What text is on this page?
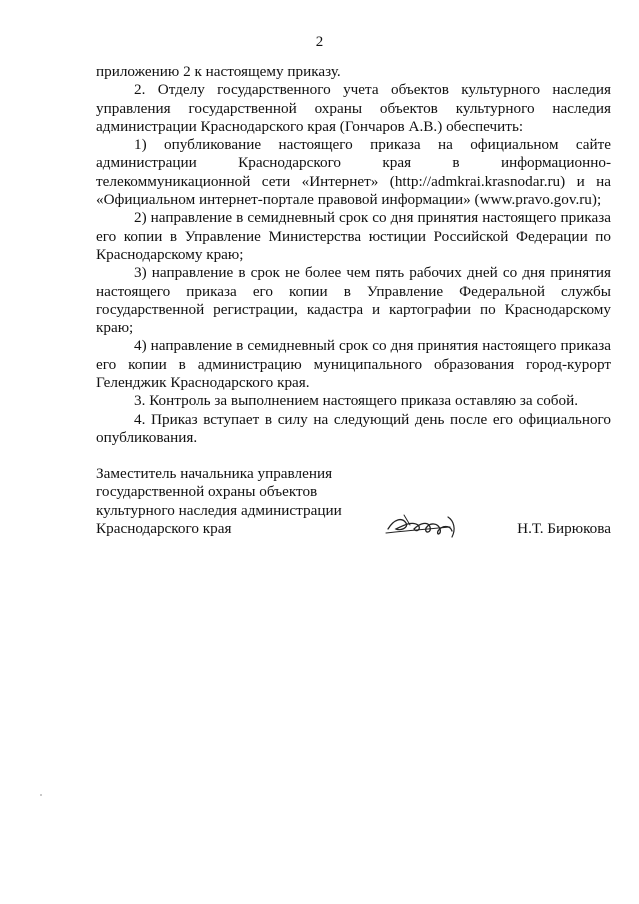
2

приложению 2 к настоящему приказу.

2. Отделу государственного учета объектов культурного наследия управления государственной охраны объектов культурного наследия администрации Краснодарского края (Гончаров А.В.) обеспечить:

1) опубликование настоящего приказа на официальном сайте администрации Краснодарского края в информационно-телекоммуникационной сети «Интернет» (http://admkrai.krasnodar.ru) и на «Официальном интернет-портале правовой информации» (www.pravo.gov.ru);

2) направление в семидневный срок со дня принятия настоящего приказа его копии в Управление Министерства юстиции Российской Федерации по Краснодарскому краю;

3) направление в срок не более чем пять рабочих дней со дня принятия настоящего приказа его копии в Управление Федеральной службы государственной регистрации, кадастра и картографии по Краснодарскому краю;

4) направление в семидневный срок со дня принятия настоящего приказа его копии в администрацию муниципального образования город-курорт Геленджик Краснодарского края.

3. Контроль за выполнением настоящего приказа оставляю за собой.

4. Приказ вступает в силу на следующий день после его официального опубликования.

Заместитель начальника управления
государственной охраны объектов
культурного наследия администрации
Краснодарского края	Н.Т. Бирюкова
